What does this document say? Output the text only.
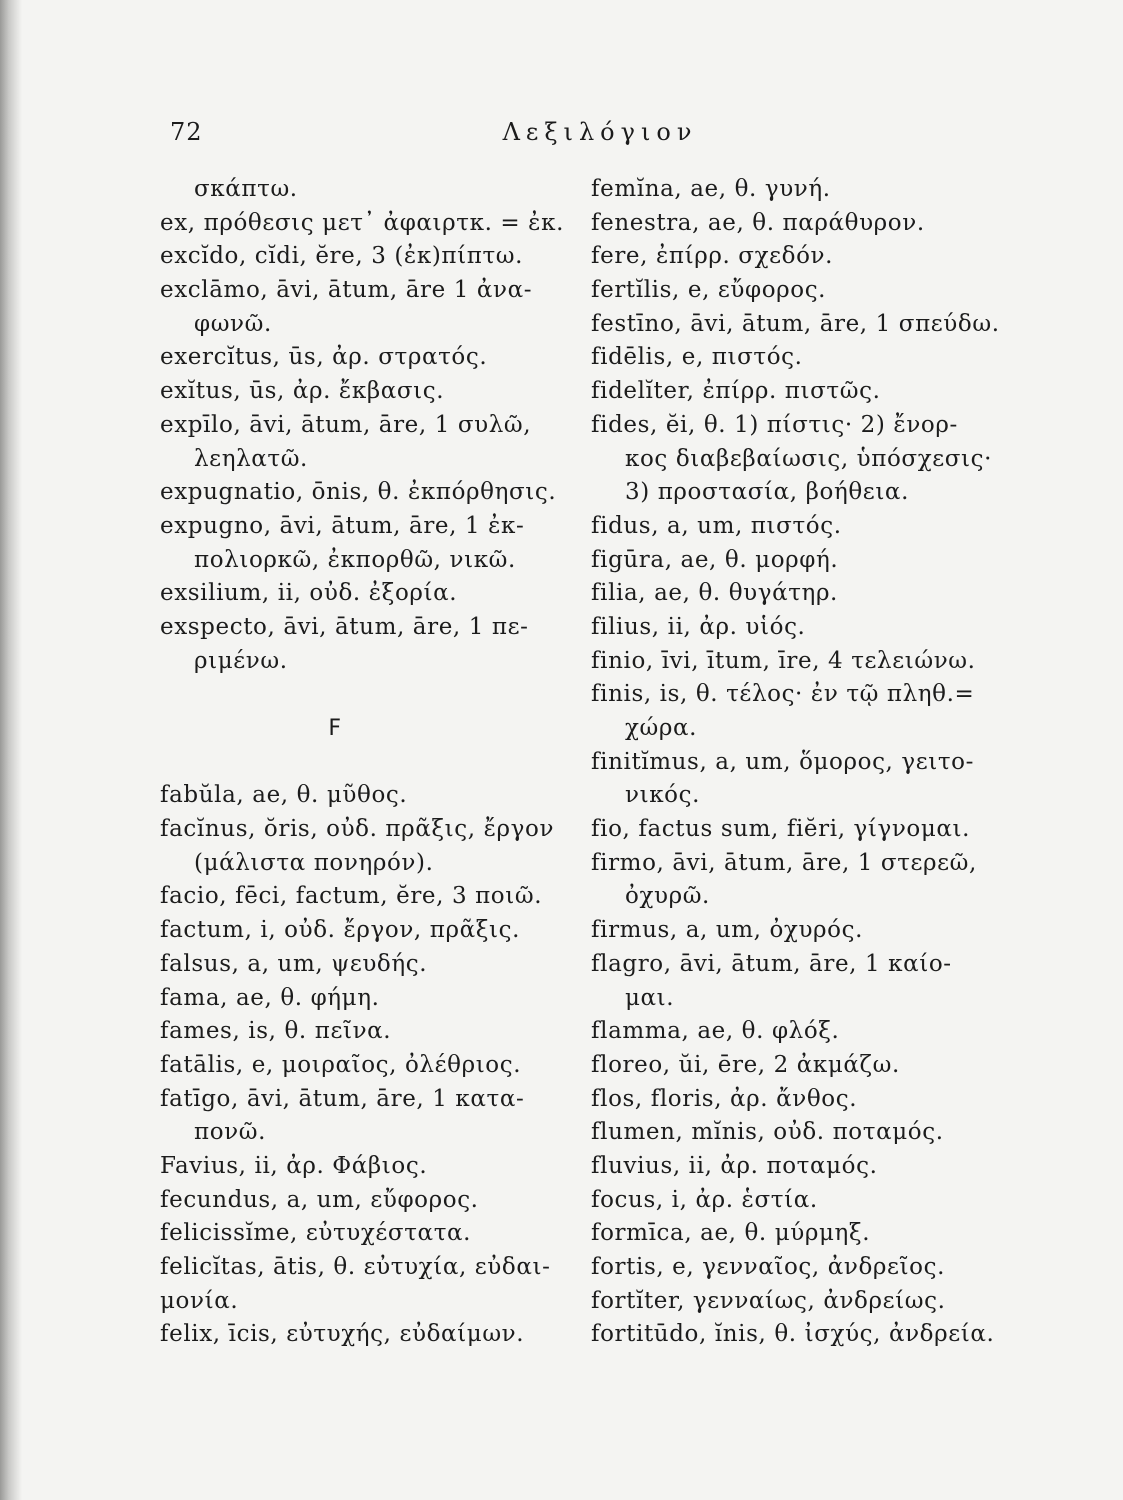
72	Λεξιλόγιον
σκάπτω.
ex, πρόθεσις μετ᾽ ἀφαιρτκ. = ἐκ.
excĭdo, cĭdi, ĕre, 3 (ἐκ)πίπτω.
exclāmo, āvi, ātum, āre 1 ἀνα-
φωνῶ.
exercĭtus, ūs, ἀρ. στρατός.
exĭtus, ūs, ἀρ. ἔκβασις.
expīlo, āvi, ātum, āre, 1 συλῶ,
λεηλατῶ.
expugnatio, ōnis, θ. ἐκπόρθησις.
expugno, āvi, ātum, āre, 1 ἐκ-
πολιορκῶ, ἐκπορθῶ, νικῶ.
exsilium, ii, οὐδ. ἐξορία.
exspecto, āvi, ātum, āre, 1 πε-
ριμένω.
F
fabŭla, ae, θ. μῦθος.
facĭnus, ŏris, οὐδ. πρᾶξις, ἔργον
(μάλιστα πονηρόν).
facio, fēci, factum, ĕre, 3 ποιῶ.
factum, i, οὐδ. ἔργον, πρᾶξις.
falsus, a, um, ψευδής.
fama, ae, θ. φήμη.
fames, is, θ. πεῖνα.
fatālis, e, μοιραῖος, ὀλέθριος.
fatīgo, āvi, ātum, āre, 1 κατα-
πονῶ.
Favius, ii, ἀρ. Φάβιος.
fecundus, a, um, εὔφορος.
felicissĭme, εὐτυχέστατα.
felicĭtas, ātis, θ. εὐτυχία, εὐδαι-
μονία.
felix, īcis, εὐτυχής, εὐδαίμων.
femĭna, ae, θ. γυνή.
fenestra, ae, θ. παράθυρον.
fere, ἐπίρρ. σχεδόν.
fertĭlis, e, εὔφορος.
festīno, āvi, ātum, āre, 1 σπεύδω.
fidēlis, e, πιστός.
fidelĭter, ἐπίρρ. πιστῶς.
fides, ĕi, θ. 1) πίστις· 2) ἔνορ-
κος διαβεβαίωσις, ὑπόσχεσις·
3) προστασία, βοήθεια.
fidus, a, um, πιστός.
figūra, ae, θ. μορφή.
filia, ae, θ. θυγάτηρ.
filius, ii, ἀρ. υἱός.
finio, īvi, ītum, īre, 4 τελειώνω.
finis, is, θ. τέλος· ἐν τῷ πληθ.=
χώρα.
finitĭmus, a, um, ὅμορος, γειτο-
νικός.
fio, factus sum, fiĕri, γίγνομαι.
firmo, āvi, ātum, āre, 1 στερεῶ,
ὀχυρῶ.
firmus, a, um, ὀχυρός.
flagro, āvi, ātum, āre, 1 καίο-
μαι.
flamma, ae, θ. φλόξ.
floreo, ŭi, ēre, 2 ἀκμάζω.
flos, floris, ἀρ. ἄνθος.
flumen, mĭnis, οὐδ. ποταμός.
fluvius, ii, ἀρ. ποταμός.
focus, i, ἀρ. ἑστία.
formīca, ae, θ. μύρμηξ.
fortis, e, γενναῖος, ἀνδρεῖος.
fortĭter, γενναίως, ἀνδρείως.
fortitūdo, ĭnis, θ. ἰσχύς, ἀνδρεία.
